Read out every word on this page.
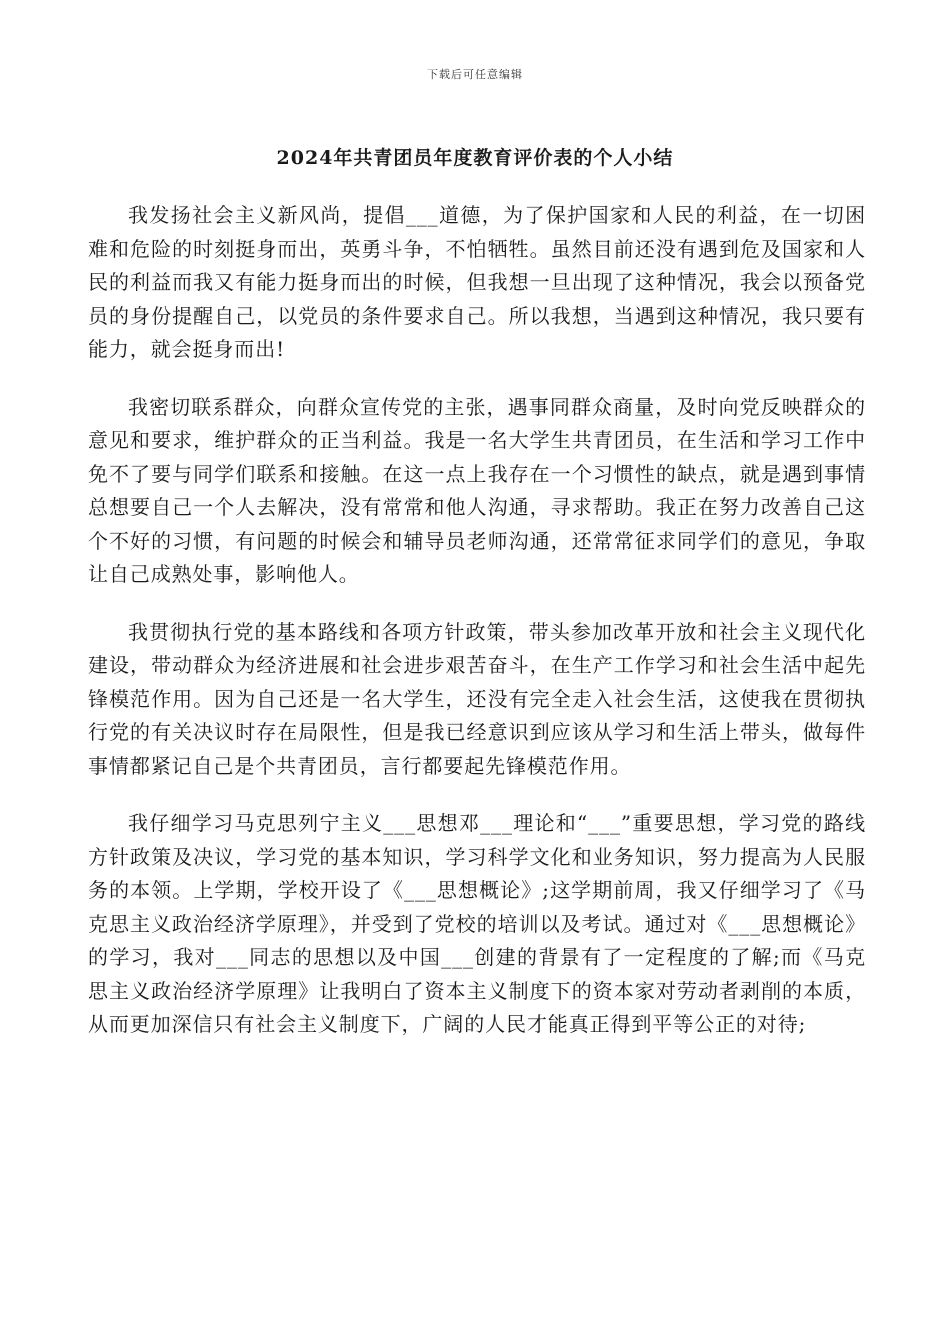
下载后可任意编辑
2024年共青团员年度教育评价表的个人小结

我发扬社会主义新风尚，提倡___道德，为了保护国家和人民的利益，在一切困难和危险的时刻挺身而出，英勇斗争，不怕牺牲。虽然目前还没有遇到危及国家和人民的利益而我又有能力挺身而出的时候，但我想一旦出现了这种情况，我会以预备党员的身份提醒自己，以党员的条件要求自己。所以我想，当遇到这种情况，我只要有能力，就会挺身而出!

我密切联系群众，向群众宣传党的主张，遇事同群众商量，及时向党反映群众的意见和要求，维护群众的正当利益。我是一名大学生共青团员，在生活和学习工作中免不了要与同学们联系和接触。在这一点上我存在一个习惯性的缺点，就是遇到事情总想要自己一个人去解决，没有常常和他人沟通，寻求帮助。我正在努力改善自己这个不好的习惯，有问题的时候会和辅导员老师沟通，还常常征求同学们的意见，争取让自己成熟处事，影响他人。

我贯彻执行党的基本路线和各项方针政策，带头参加改革开放和社会主义现代化建设，带动群众为经济进展和社会进步艰苦奋斗，在生产工作学习和社会生活中起先锋模范作用。因为自己还是一名大学生，还没有完全走入社会生活，这使我在贯彻执行党的有关决议时存在局限性，但是我已经意识到应该从学习和生活上带头，做每件事情都紧记自己是个共青团员，言行都要起先锋模范作用。

我仔细学习马克思列宁主义___思想邓___理论和“___”重要思想，学习党的路线方针政策及决议，学习党的基本知识，学习科学文化和业务知识，努力提高为人民服务的本领。上学期，学校开设了《___思想概论》;这学期前周，我又仔细学习了《马克思主义政治经济学原理》，并受到了党校的培训以及考试。通过对《___思想概论》的学习，我对___同志的思想以及中国___创建的背景有了一定程度的了解;而《马克思主义政治经济学原理》让我明白了资本主义制度下的资本家对劳动者剥削的本质，从而更加深信只有社会主义制度下，广阔的人民才能真正得到平等公正的对待;
